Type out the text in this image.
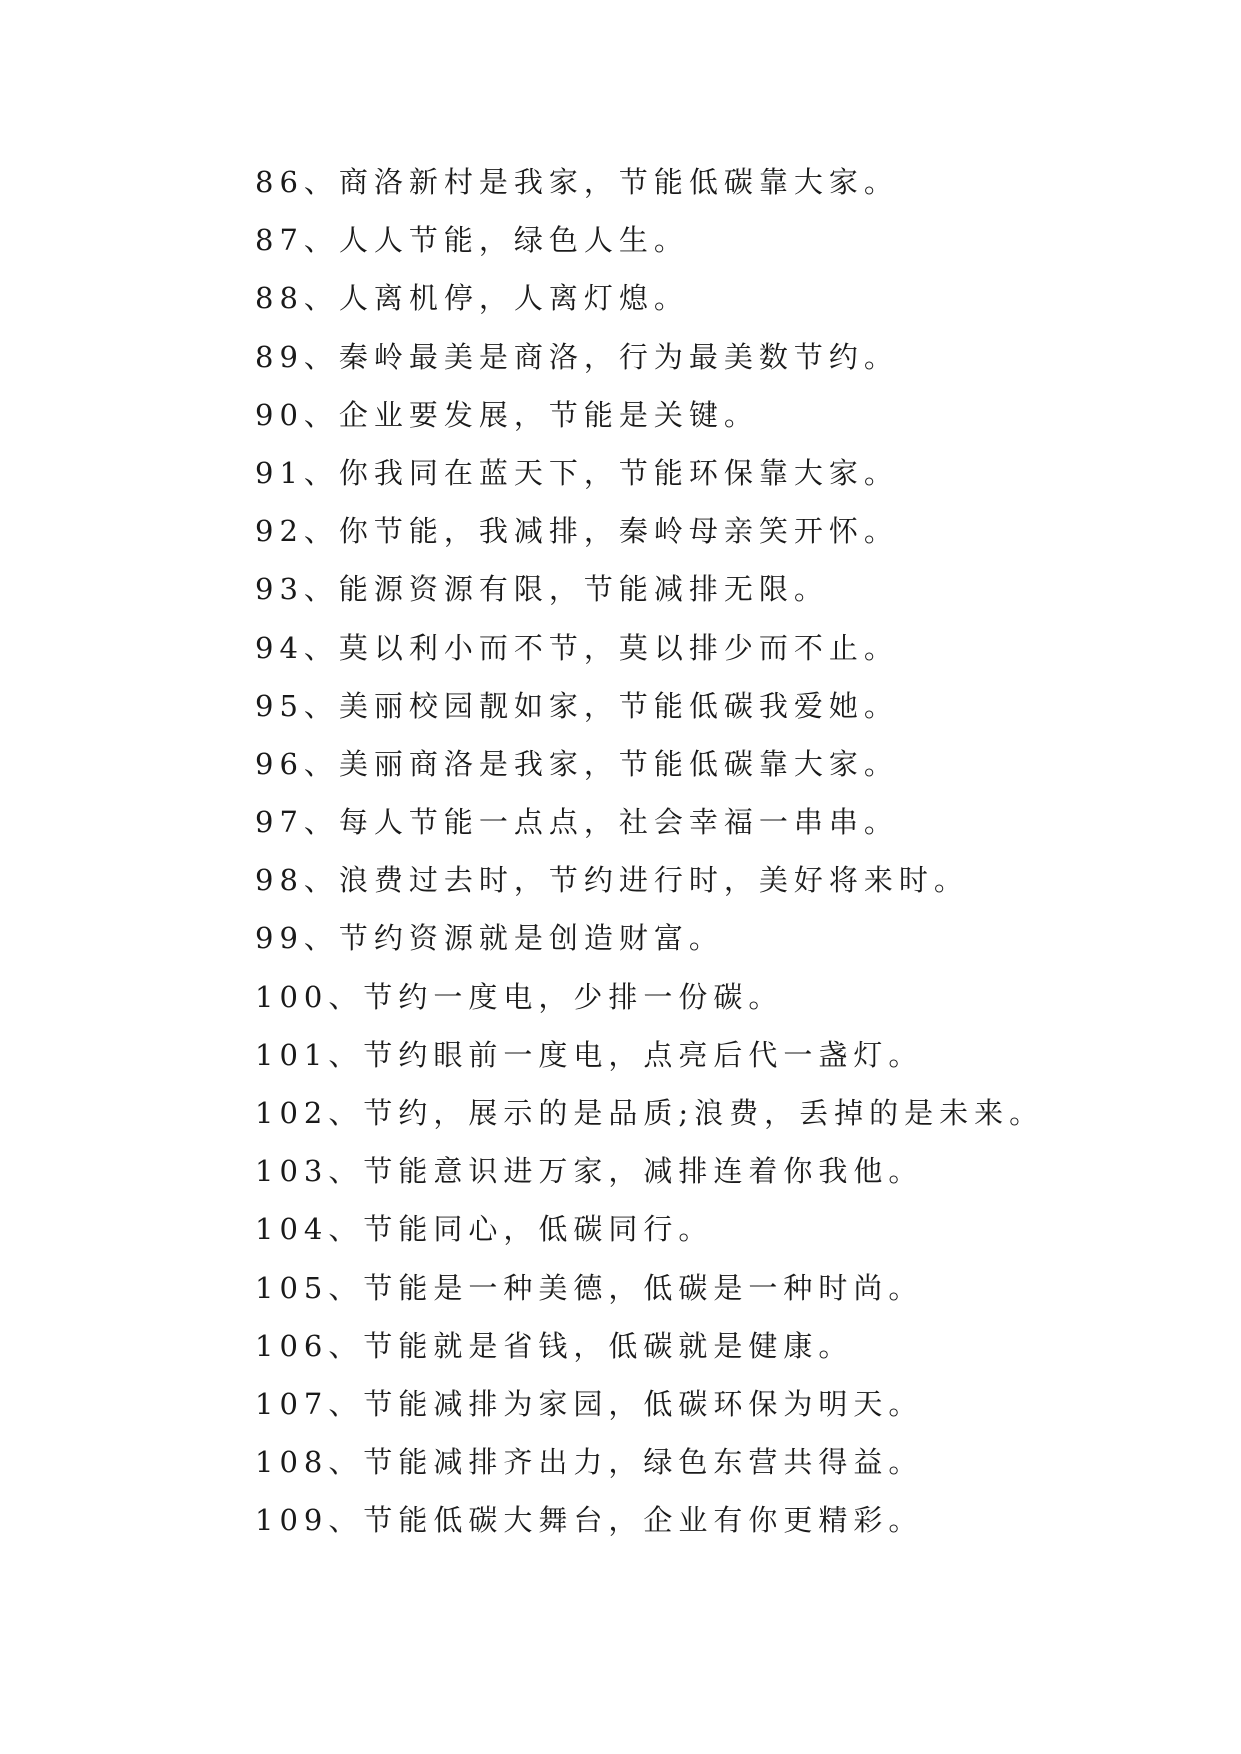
86、商洛新村是我家，节能低碳靠大家。
87、人人节能，绿色人生。
88、人离机停，人离灯熄。
89、秦岭最美是商洛，行为最美数节约。
90、企业要发展，节能是关键。
91、你我同在蓝天下，节能环保靠大家。
92、你节能，我减排，秦岭母亲笑开怀。
93、能源资源有限，节能减排无限。
94、莫以利小而不节，莫以排少而不止。
95、美丽校园靓如家，节能低碳我爱她。
96、美丽商洛是我家，节能低碳靠大家。
97、每人节能一点点，社会幸福一串串。
98、浪费过去时，节约进行时，美好将来时。
99、节约资源就是创造财富。
100、节约一度电，少排一份碳。
101、节约眼前一度电，点亮后代一盏灯。
102、节约，展示的是品质;浪费，丢掉的是未来。
103、节能意识进万家，减排连着你我他。
104、节能同心，低碳同行。
105、节能是一种美德，低碳是一种时尚。
106、节能就是省钱，低碳就是健康。
107、节能减排为家园，低碳环保为明天。
108、节能减排齐出力，绿色东营共得益。
109、节能低碳大舞台，企业有你更精彩。
